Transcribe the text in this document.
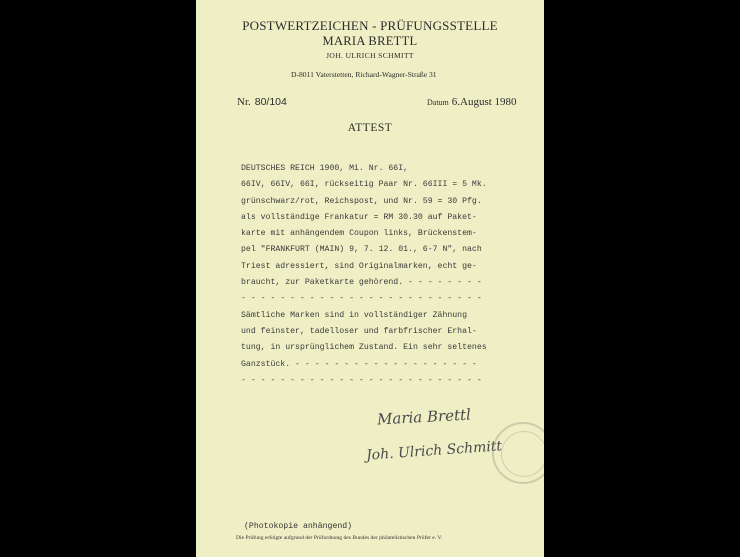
POSTWERTZEICHEN - PRÜFUNGSSTELLE
MARIA BRETTL
JOH. ULRICH SCHMITT
D-8011 Vaterstetten, Richard-Wagner-Straße 31
Nr. 80/104	Datum 6.August 1980
ATTEST
DEUTSCHES REICH 1900, Mi. Nr. 66I,
66IV, 66IV, 66I, rückseitig Paar Nr. 66III = 5 Mk.
grünschwarz/rot, Reichspost, und Nr. 59 = 30 Pfg.
als vollständige Frankatur = RM 30.30 auf Paket-
karte mit anhängendem Coupon links, Brückenstem-
pel "FRANKFURT (MAIN) 9, 7. 12. 01., 6-7 N", nach
Triest adressiert, sind Originalmarken, echt ge-
braucht, zur Paketkarte gehörend. - - - - - - - -
- - - - - - - - - - - - - - - - - - - - - - - - -
Sämtliche Marken sind in vollständiger Zähnung
und feinster, tadelloser und farbfrischer Erhal-
tung, in ursprünglichem Zustand. Ein sehr seltenes
Ganzstück. - - - - - - - - - - - - - - - - - - -
- - - - - - - - - - - - - - - - - - - - - - - - -
Maria Brettl
Joh. Ulrich Schmitt
(Photokopie anhängend)
Die Prüfung erfolgte aufgrund der Prüfordnung des Bundes der philatelistischen Prüfer e. V.
